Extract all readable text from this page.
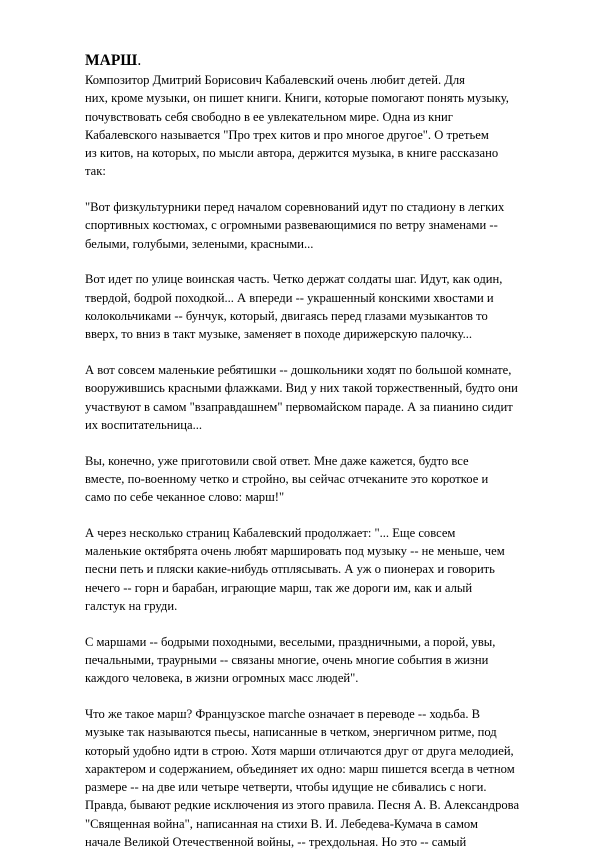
МАРШ.

Композитор Дмитрий Борисович Кабалевский очень любит детей. Для
них, кроме музыки, он пишет книги. Книги, которые помогают понять музыку,
почувствовать себя свободно в ее увлекательном мире. Одна из книг
Кабалевского называется "Про трех китов и про многое другое". О третьем
из китов, на которых, по мысли автора, держится музыка, в книге рассказано
так:

"Вот физкультурники перед началом соревнований идут по стадиону в легких
спортивных костюмах, с огромными развевающимися по ветру знаменами --
белыми, голубыми, зелеными, красными...

Вот идет по улице воинская часть. Четко держат солдаты шаг. Идут, как один,
твердой, бодрой походкой... А впереди -- украшенный конскими хвостами и
колокольчиками -- бунчук, который, двигаясь перед глазами музыкантов то
вверх, то вниз в такт музыке, заменяет в походе дирижерскую палочку...

А вот совсем маленькие ребятишки -- дошкольники ходят по большой комнате,
вооружившись красными флажками. Вид у них такой торжественный, будто они
участвуют в самом "взаправдашнем" первомайском параде. А за пианино сидит
их воспитательница...

Вы, конечно, уже приготовили свой ответ. Мне даже кажется, будто все
вместе, по-военному четко и стройно, вы сейчас отчеканите это короткое и
само по себе чеканное слово: марш!"

А через несколько страниц Кабалевский продолжает: "... Еще совсем
маленькие октябрята очень любят маршировать под музыку -- не меньше, чем
песни петь и пляски какие-нибудь отплясывать. А уж о пионерах и говорить
нечего -- горн и барабан, играющие марш, так же дороги им, как и алый
галстук на груди.

С маршами -- бодрыми походными, веселыми, праздничными, а порой, увы,
печальными, траурными -- связаны многие, очень многие события в жизни
каждого человека, в жизни огромных масс людей".

Что же такое марш? Французское marche означает в переводе -- ходьба. В
музыке так называются пьесы, написанные в четком, энергичном ритме, под
который удобно идти в строю. Хотя марши отличаются друг от друга мелодией,
характером и содержанием, объединяет их одно: марш пишется всегда в четном
размере -- на две или четыре четверти, чтобы идущие не сбивались с ноги.
Правда, бывают редкие исключения из этого правила. Песня А. В. Александрова
"Священная война", написанная на стихи В. И. Лебедева-Кумача в самом
начале Великой Отечественной войны, -- трехдольная. Но это -- самый
